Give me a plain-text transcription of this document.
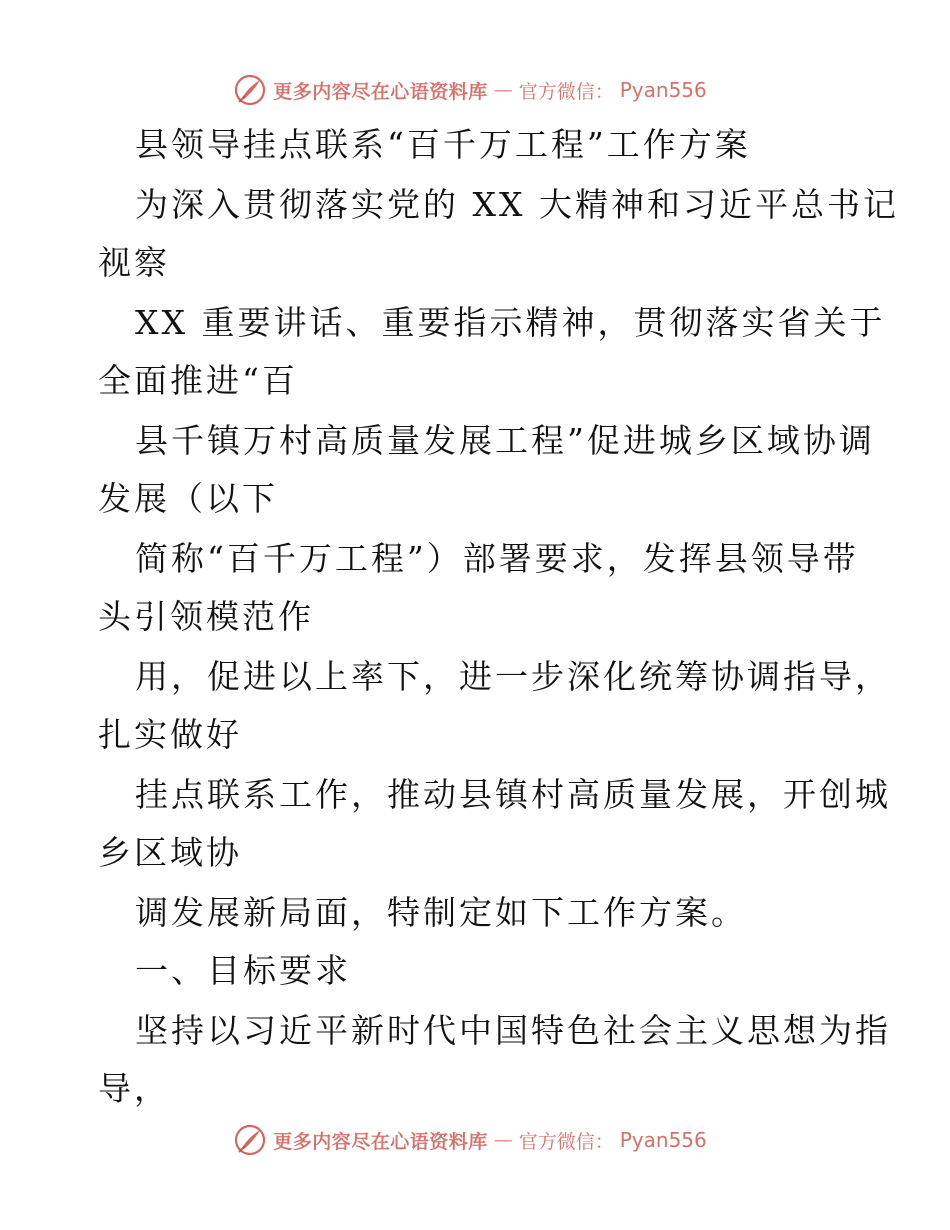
更多内容尽在心语资料库 — 官方微信： Pyan556
县领导挂点联系“百千万工程”工作方案
为深入贯彻落实党的 XX 大精神和习近平总书记
视察
XX 重要讲话、重要指示精神，贯彻落实省关于
全面推进“百
县千镇万村高质量发展工程”促进城乡区域协调
发展（以下
简称“百千万工程”）部署要求，发挥县领导带
头引领模范作
用，促进以上率下，进一步深化统筹协调指导，
扎实做好
挂点联系工作，推动县镇村高质量发展，开创城
乡区域协
调发展新局面，特制定如下工作方案。
一、目标要求
坚持以习近平新时代中国特色社会主义思想为指
导，
更多内容尽在心语资料库 — 官方微信： Pyan556
